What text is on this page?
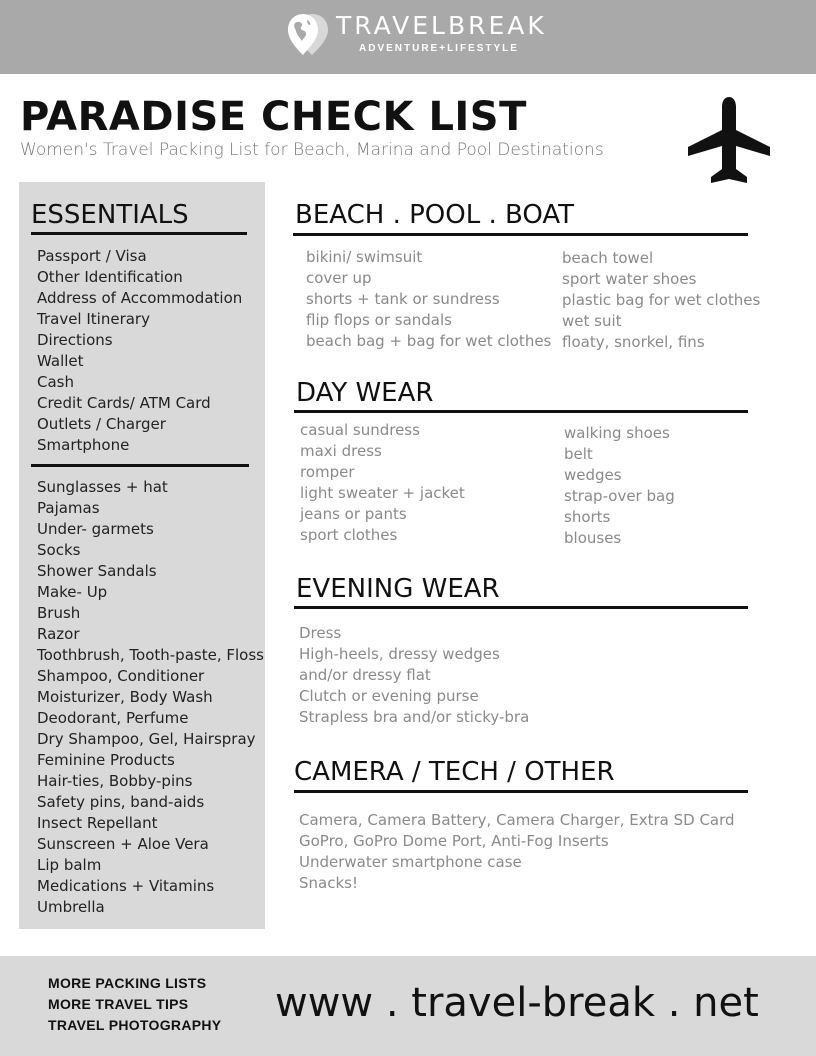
TRAVELBREAK
ADVENTURE+LIFESTYLE
PARADISE CHECK LIST
Women's Travel Packing List for Beach, Marina and Pool Destinations
ESSENTIALS
Passport / Visa
Other Identification
Address of Accommodation
Travel Itinerary
Directions
Wallet
Cash
Credit Cards/ ATM Card
Outlets / Charger
Smartphone
Sunglasses + hat
Pajamas
Under- garmets
Socks
Shower Sandals
Make- Up
Brush
Razor
Toothbrush, Tooth-paste, Floss
Shampoo, Conditioner
Moisturizer, Body Wash
Deodorant, Perfume
Dry Shampoo, Gel, Hairspray
Feminine Products
Hair-ties, Bobby-pins
Safety pins, band-aids
Insect Repellant
Sunscreen + Aloe Vera
Lip balm
Medications + Vitamins
Umbrella
BEACH . POOL . BOAT
bikini/ swimsuit
cover up
shorts + tank or sundress
flip flops or sandals
beach bag + bag for wet clothes
beach towel
sport water shoes
plastic bag for wet clothes
wet suit
floaty, snorkel, fins
DAY WEAR
casual sundress
maxi dress
romper
light sweater + jacket
jeans or pants
sport clothes
walking shoes
belt
wedges
strap-over bag
shorts
blouses
EVENING WEAR
Dress
High-heels, dressy wedges
and/or dressy flat
Clutch or evening purse
Strapless bra and/or sticky-bra
CAMERA / TECH / OTHER
Camera, Camera Battery, Camera Charger, Extra SD Card
GoPro, GoPro Dome Port, Anti-Fog Inserts
Underwater smartphone case
Snacks!
MORE PACKING LISTS
MORE TRAVEL TIPS
TRAVEL PHOTOGRAPHY www . travel-break . net
